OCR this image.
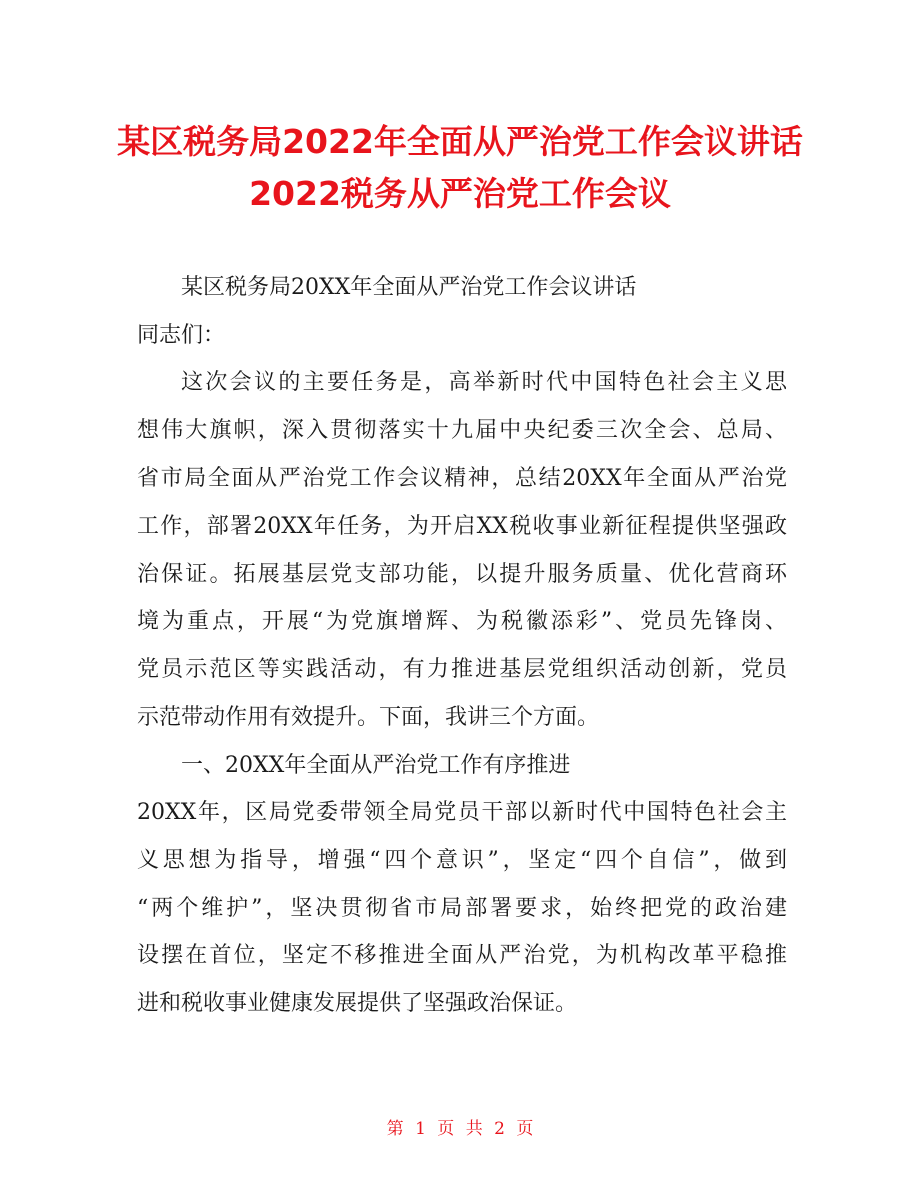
某区税务局2022年全面从严治党工作会议讲话
2022税务从严治党工作会议
某区税务局20XX年全面从严治党工作会议讲话
同志们：
这次会议的主要任务是，高举新时代中国特色社会主义思
想伟大旗帜，深入贯彻落实十九届中央纪委三次全会、总局、
省市局全面从严治党工作会议精神，总结20XX年全面从严治党
工作，部署20XX年任务，为开启XX税收事业新征程提供坚强政
治保证。拓展基层党支部功能，以提升服务质量、优化营商环
境为重点，开展“为党旗增辉、为税徽添彩”、党员先锋岗、
党员示范区等实践活动，有力推进基层党组织活动创新，党员
示范带动作用有效提升。下面，我讲三个方面。
一、20XX年全面从严治党工作有序推进
20XX年，区局党委带领全局党员干部以新时代中国特色社会主
义思想为指导，增强“四个意识”，坚定“四个自信”，做到
“两个维护”，坚决贯彻省市局部署要求，始终把党的政治建
设摆在首位，坚定不移推进全面从严治党，为机构改革平稳推
进和税收事业健康发展提供了坚强政治保证。
第 1 页 共 2 页
